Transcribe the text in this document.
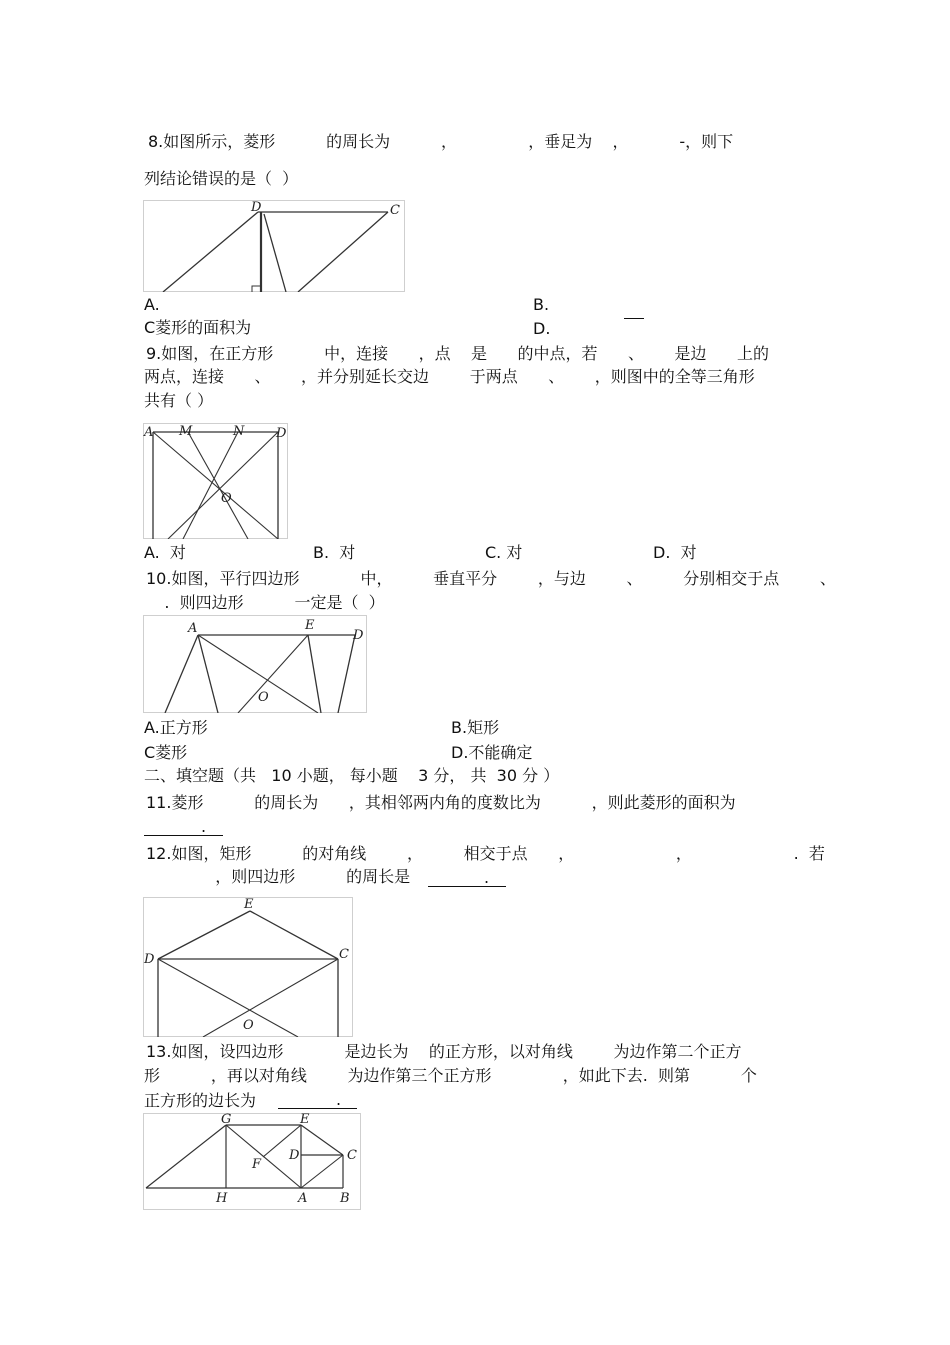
8.如图所示，菱形          的周长为          ，              ，垂足为    ，          -，则下
列结论错误的是（  ）
D	C
A.	B.
C菱形的面积为	D.
9.如图，在正方形          中，连接      ，点    是      的中点，若      、      是边      上的
两点，连接      、      ，并分别延长交边        于两点      、      ，则图中的全等三角形
共有（ ）
A M	N D
O
A.  对	B.  对	C. 对	D.  对
10.如图，平行四边形            中，        垂直平分        ，与边        、        分别相交于点        、
.  则四边形          一定是（  ）
A	E
D
O
A.正方形	B.矩形
C菱形	D.不能确定
二、填空题（共   10 小题， 每小题    3 分， 共  30 分 ）
11.菱形          的周长为      ，其相邻两内角的度数比为          ，则此菱形的面积为
.
12.如图，矩形          的对角线        ，        相交于点      ，                    ，                    .  若
，则四边形          的周长是	.
E
D	C
O
13.如图，设四边形            是边长为    的正方形，以对角线        为边作第二个正方
形          ，再以对角线        为边作第三个正方形              ，如此下去.  则第          个
正方形的边长为	.
G	E
D	C
F
H	A	B
